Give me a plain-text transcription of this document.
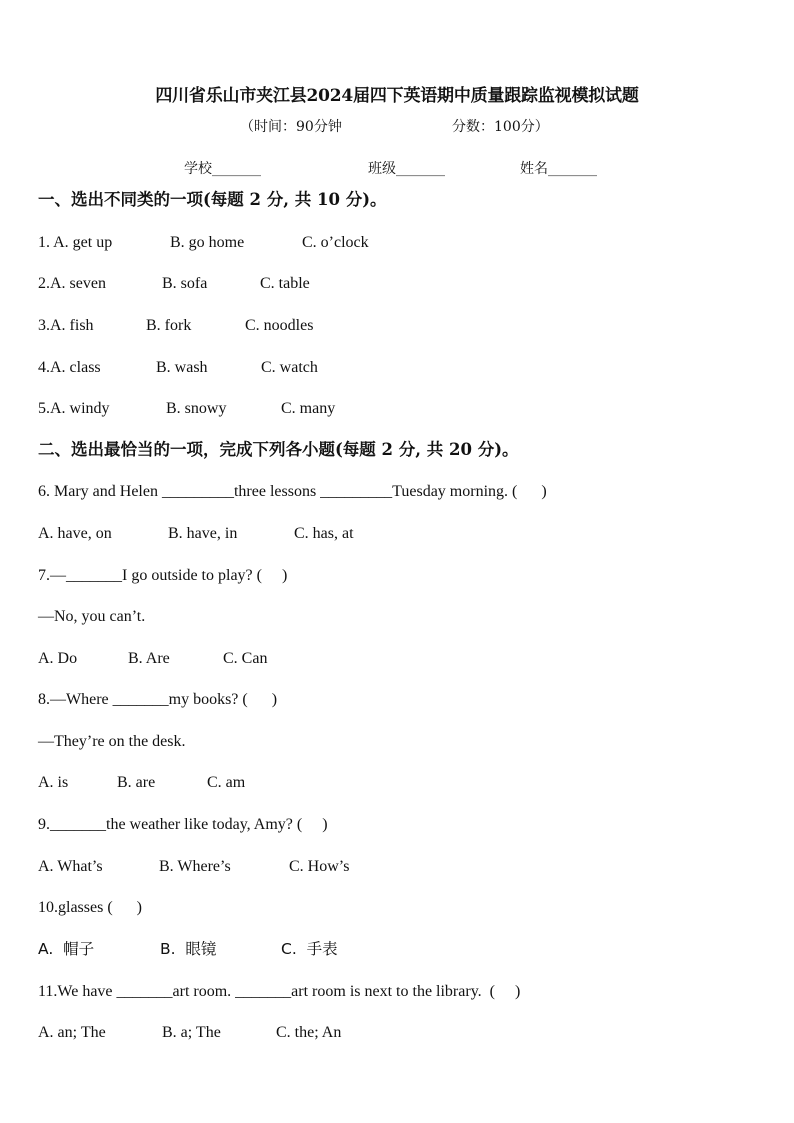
四川省乐山市夹江县2024届四下英语期中质量跟踪监视模拟试题
（时间：90分钟	分数：100分）
学校_______	班级_______	姓名_______
一、选出不同类的一项(每题 2 分, 共 10 分)。
1. A. get up	B. go home	C. o’clock
2.A. seven	B. sofa	C. table
3.A. fish	B. fork	C. noodles
4.A. class	B. wash	C. watch
5.A. windy	B. snowy	C. many
二、选出最恰当的一项，完成下列各小题(每题 2 分, 共 20 分)。
6. Mary and Helen _________three lessons _________Tuesday morning. (      )
A. have, on	B. have, in	C. has, at
7.—_______I go outside to play? (     )
—No, you can’t.
A. Do	B. Are	C. Can
8.—Where _______my books? (      )
—They’re on the desk.
A. is	B. are	C. am
9._______the weather like today, Amy? (     )
A. What’s	B. Where’s	C. How’s
10.glasses (      )
A.  帽子	B.  眼镜	C.  手表
11.We have _______art room. _______art room is next to the library.  (     )
A. an; The	B. a; The	C. the; An
